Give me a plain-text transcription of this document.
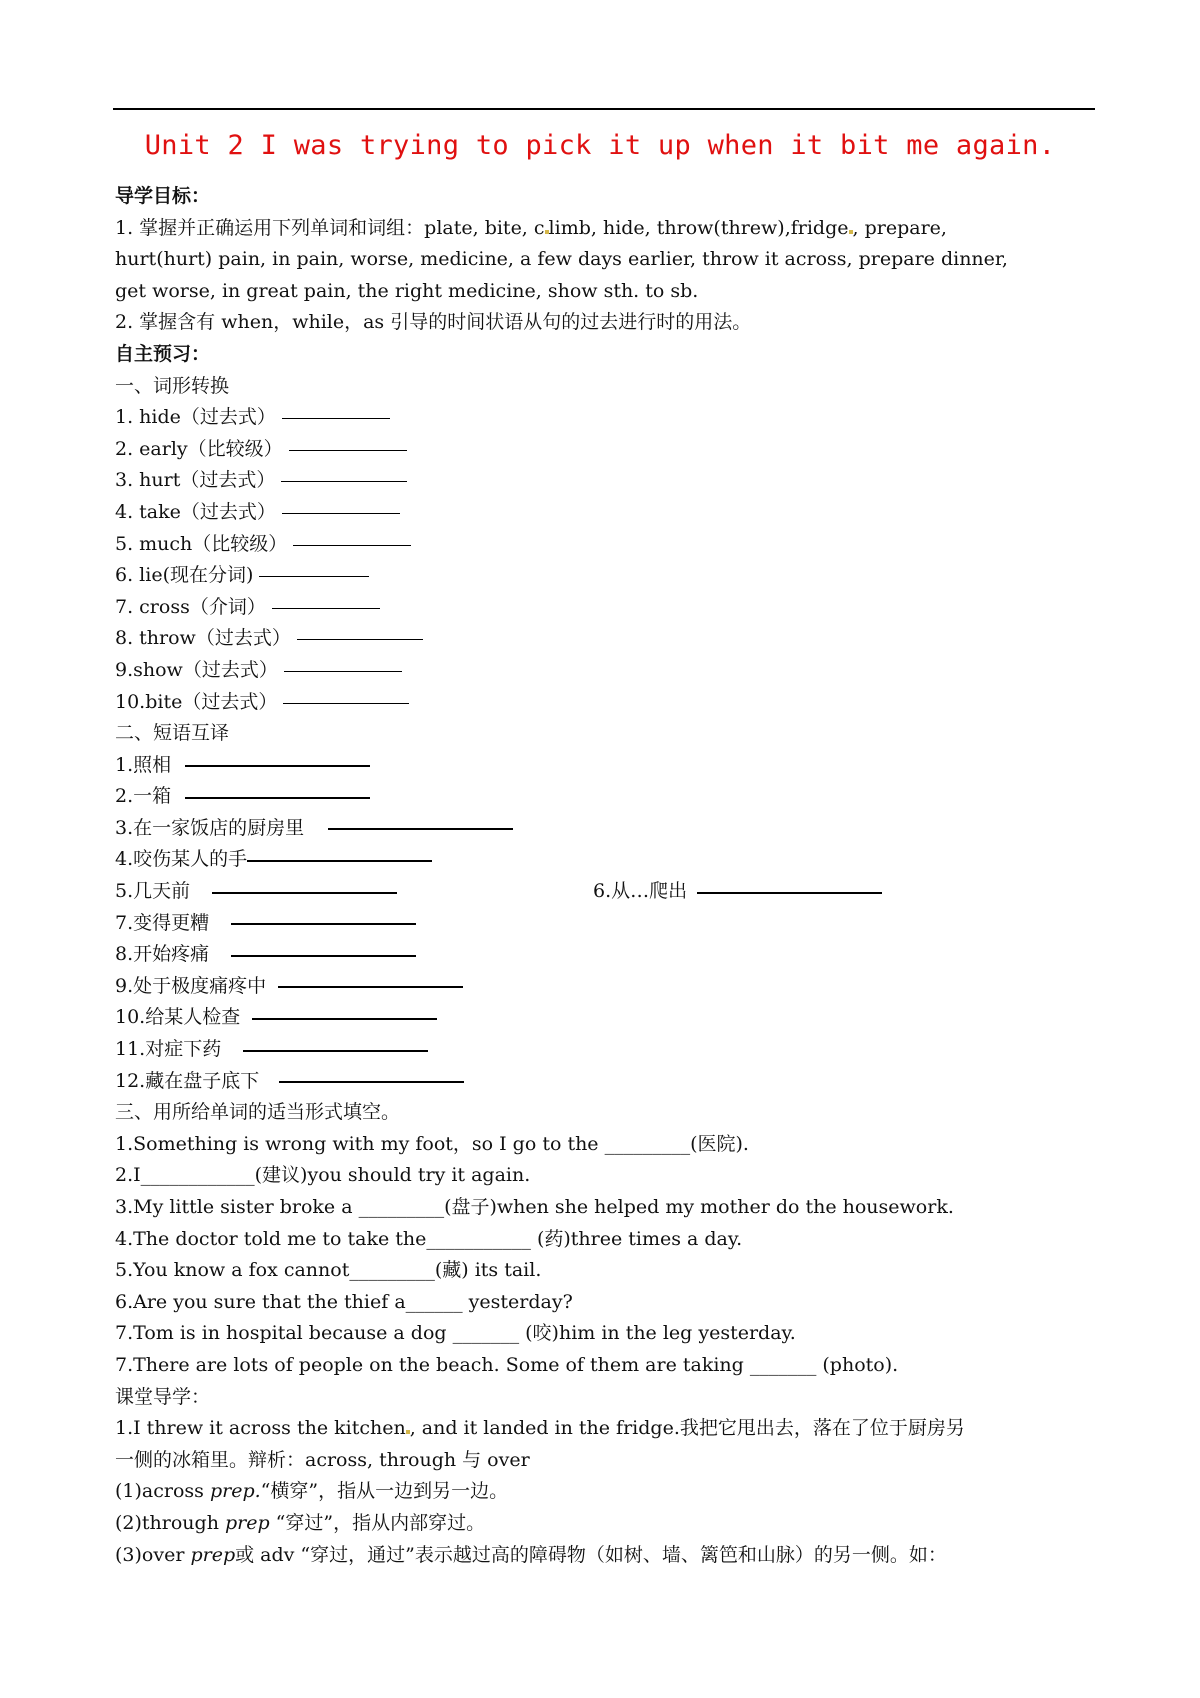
Unit 2 I was trying to pick it up when it bit me again.
导学目标：
1. 掌握并正确运用下列单词和词组：plate, bite, c limb, hide, throw(threw),fridge , prepare,
hurt(hurt) pain, in pain, worse, medicine, a few days earlier, throw it across, prepare dinner,
get worse, in great pain, the right medicine, show sth. to sb.
2. 掌握含有 when，while，as 引导的时间状语从句的过去进行时的用法。
自主预习：
一、词形转换
1. hide（过去式）
2. early（比较级）
3. hurt（过去式）
4. take（过去式）
5. much（比较级）
6. lie(现在分词)
7. cross（介词）
8. throw（过去式）
9.show（过去式）
10.bite（过去式）
二、短语互译
1.照相
2.一箱
3.在一家饭店的厨房里
4.咬伤某人的手
5.几天前	6.从…爬出
7.变得更糟
8.开始疼痛
9.处于极度痛疼中
10.给某人检查
11.对症下药
12.藏在盘子底下
三、用所给单词的适当形式填空。
1.Something is wrong with my foot，so I go to the _________(医院).
2.I____________(建议)you should try it again.
3.My little sister broke a _________(盘子)when she helped my mother do the housework.
4.The doctor told me to take the___________ (药)three times a day.
5.You know a fox cannot_________(藏) its tail.
6.Are you sure that the thief a______ yesterday?
7.Tom is in hospital because a dog _______ (咬)him in the leg yesterday.
7.There are lots of people on the beach. Some of them are taking _______ (photo).
课堂导学：
1.I threw it across the kitchen , and it landed in the fridge.我把它甩出去，落在了位于厨房另
一侧的冰箱里。辩析：across, through 与 over
(1)across prep.“横穿”，指从一边到另一边。
(2)through prep “穿过”，指从内部穿过。
(3)over prep或 adv “穿过，通过”表示越过高的障碍物（如树、墙、篱笆和山脉）的另一侧。如：
